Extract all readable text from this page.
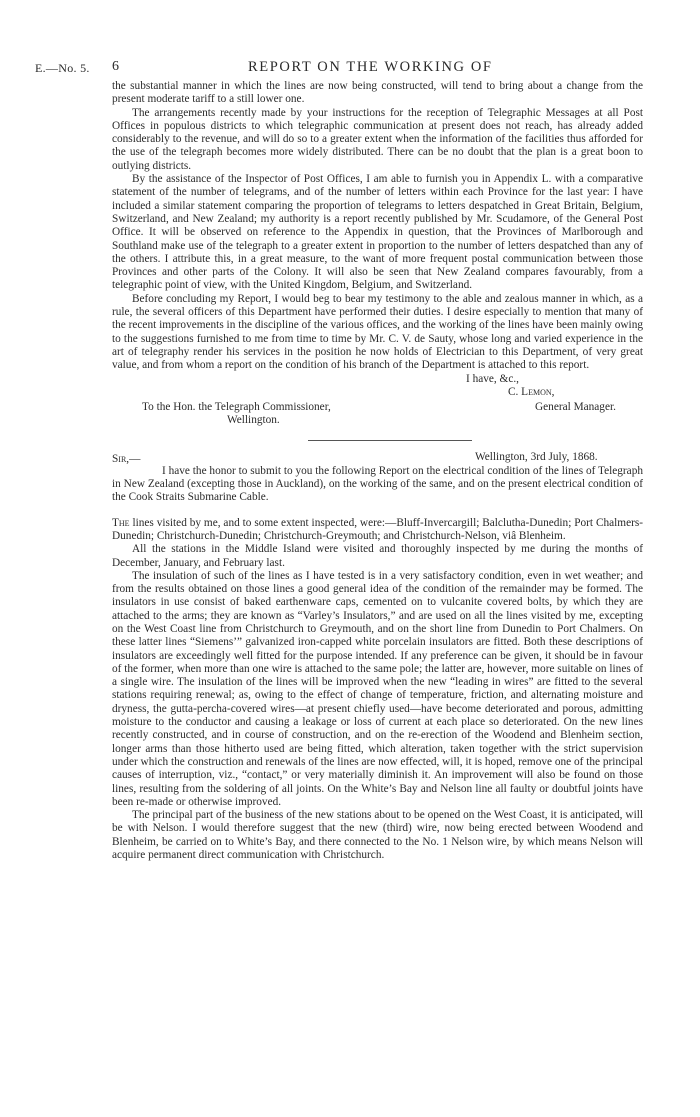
E.—No. 5. 6	REPORT ON THE WORKING OF

the substantial manner in which the lines are now being constructed, will tend to bring about a change from the present moderate tariff to a still lower one.

The arrangements recently made by your instructions for the reception of Telegraphic Messages at all Post Offices in populous districts to which telegraphic communication at present does not reach, has already added considerably to the revenue, and will do so to a greater extent when the information of the facilities thus afforded for the use of the telegraph becomes more widely distributed. There can be no doubt that the plan is a great boon to outlying districts.

By the assistance of the Inspector of Post Offices, I am able to furnish you in Appendix L. with a comparative statement of the number of telegrams, and of the number of letters within each Province for the last year: I have included a similar statement comparing the proportion of telegrams to letters despatched in Great Britain, Belgium, Switzerland, and New Zealand; my authority is a report recently published by Mr. Scudamore, of the General Post Office. It will be observed on reference to the Appendix in question, that the Provinces of Marlborough and Southland make use of the telegraph to a greater extent in proportion to the number of letters despatched than any of the others. I attribute this, in a great measure, to the want of more frequent postal communication between those Provinces and other parts of the Colony. It will also be seen that New Zealand compares favourably, from a telegraphic point of view, with the United Kingdom, Belgium, and Switzerland.

Before concluding my Report, I would beg to bear my testimony to the able and zealous manner in which, as a rule, the several officers of this Department have performed their duties. I desire especially to mention that many of the recent improvements in the discipline of the various offices, and the working of the lines have been mainly owing to the suggestions furnished to me from time to time by Mr. C. V. de Sauty, whose long and varied experience in the art of telegraphy render his services in the position he now holds of Electrician to this Department, of very great value, and from whom a report on the condition of his branch of the Department is attached to this report.

I have, &c.,
C. Lemon,
To the Hon. the Telegraph Commissioner,	General Manager.
Wellington.
Sir,—	Wellington, 3rd July, 1868.

I have the honor to submit to you the following Report on the electrical condition of the lines of Telegraph in New Zealand (excepting those in Auckland), on the working of the same, and on the present electrical condition of the Cook Straits Submarine Cable.

The lines visited by me, and to some extent inspected, were:—Bluff-Invercargill; Balclutha-Dunedin; Port Chalmers-Dunedin; Christchurch-Dunedin; Christchurch-Greymouth; and Christchurch-Nelson, viâ Blenheim.

All the stations in the Middle Island were visited and thoroughly inspected by me during the months of December, January, and February last.

The insulation of such of the lines as I have tested is in a very satisfactory condition, even in wet weather; and from the results obtained on those lines a good general idea of the condition of the remainder may be formed. The insulators in use consist of baked earthenware caps, cemented on to vulcanite covered bolts, by which they are attached to the arms; they are known as “Varley’s Insulators,” and are used on all the lines visited by me, excepting on the West Coast line from Christchurch to Greymouth, and on the short line from Dunedin to Port Chalmers. On these latter lines “Siemens’” galvanized iron-capped white porcelain insulators are fitted. Both these descriptions of insulators are exceedingly well fitted for the purpose intended. If any preference can be given, it should be in favour of the former, when more than one wire is attached to the same pole; the latter are, however, more suitable on lines of a single wire. The insulation of the lines will be improved when the new “leading in wires” are fitted to the several stations requiring renewal; as, owing to the effect of change of temperature, friction, and alternating moisture and dryness, the gutta-percha-covered wires—at present chiefly used—have become deteriorated and porous, admitting moisture to the conductor and causing a leakage or loss of current at each place so deteriorated. On the new lines recently constructed, and in course of construction, and on the re-erection of the Woodend and Blenheim section, longer arms than those hitherto used are being fitted, which alteration, taken together with the strict supervision under which the construction and renewals of the lines are now effected, will, it is hoped, remove one of the principal causes of interruption, viz., “contact,” or very materially diminish it. An improvement will also be found on those lines, resulting from the soldering of all joints. On the White’s Bay and Nelson line all faulty or doubtful joints have been re-made or otherwise improved.

The principal part of the business of the new stations about to be opened on the West Coast, it is anticipated, will be with Nelson. I would therefore suggest that the new (third) wire, now being erected between Woodend and Blenheim, be carried on to White’s Bay, and there connected to the No. 1 Nelson wire, by which means Nelson will acquire permanent direct communication with Christchurch.
